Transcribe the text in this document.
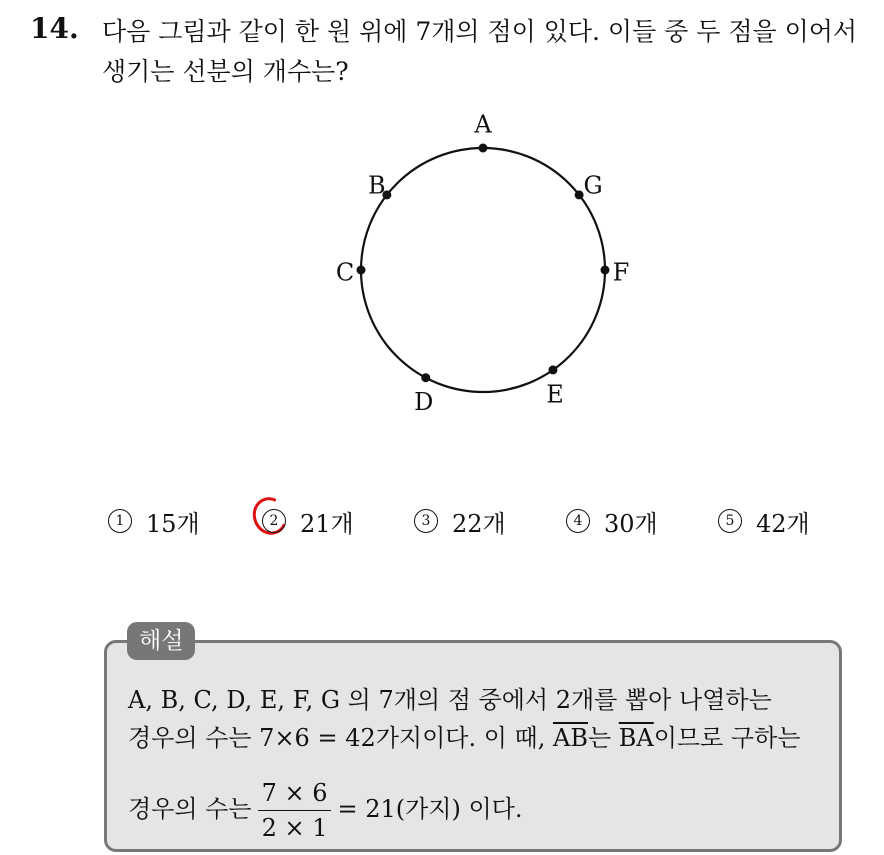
14. 다음 그림과 같이 한 원 위에 7개의 점이 있다. 이들 중 두 점을 이어서
생기는 선분의 개수는?
A
G
F
E
D
C
B
1 15개	2 21개	3 22개	4 30개	5 42개
해설
A, B, C, D, E, F, G 의 7개의 점 중에서 2개를 뽑아 나열하는
경우의 수는 7×6 = 42가지이다. 이 때, $\overline{AB}$는 $\overline{BA}$이므로 구하는
경우의 수는 $\frac{7 \times 6}{2 \times 1} = 21$(가지) 이다.
